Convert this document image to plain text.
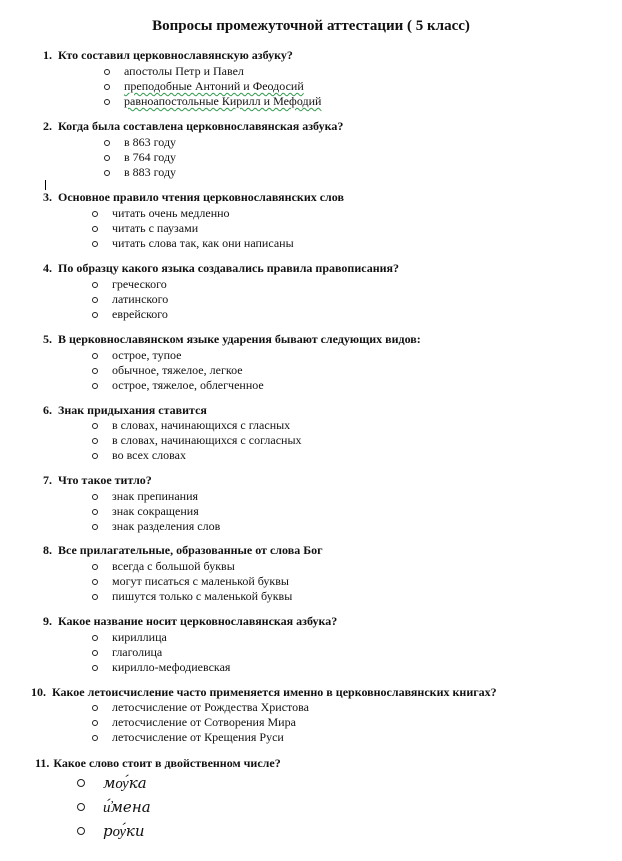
Вопросы промежуточной аттестации ( 5 класс)
1. Кто составил церковнославянскую азбуку?
апостолы Петр и Павел
преподобные Антоний и Феодосий
равноапостольные Кирилл и Мефодий
2. Когда была составлена церковнославянская азбука?
в 863 году
в 764 году
в 883 году
3. Основное правило чтения церковнославянских слов
читать очень медленно
читать с паузами
читать слова так, как они написаны
4. По образцу какого языка создавались правила правописания?
греческого
латинского
еврейского
5. В церковнославянском языке ударения бывают следующих видов:
острое, тупое
обычное, тяжелое, легкое
острое, тяжелое, облегченное
6. Знак придыхания ставится
в словах, начинающихся с гласных
в словах, начинающихся с согласных
во всех словах
7. Что такое титло?
знак препинания
знак сокращения
знак разделения слов
8. Все прилагательные, образованные от слова Бог
всегда с большой буквы
могут писаться с маленькой буквы
пишутся только с маленькой буквы
9. Какое название носит церковнославянская азбука?
кириллица
глаголица
кирилло-мефодиевская
10. Какое летоисчисление часто применяется именно в церковнославянских книгах?
летосчисление от Рождества Христова
летосчисление от Сотворения Мира
летосчисление от Крещения Руси
11. Какое слово стоит в двойственном числе?
мѹ́ка
и҆́мена
рѹ́ки
